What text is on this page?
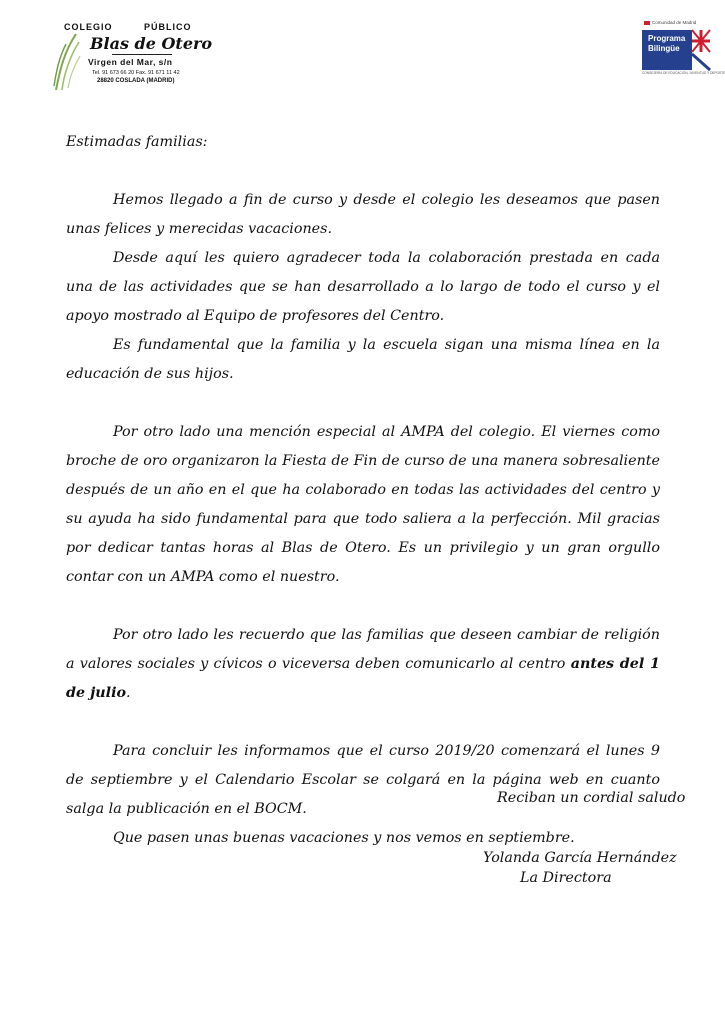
COLEGIO PÚBLICO
Blas de Otero
Virgen del Mar, s/n
Tel. 91 673 66 20 Fax. 91 671 11 42
28820 COSLADA (MADRID)
Comunidad de Madrid
Programa
Bilingüe
CONSEJERÍA DE EDUCACIÓN, JUVENTUD Y DEPORTE

Estimadas familias:

Hemos llegado a fin de curso y desde el colegio les deseamos que pasen unas felices y merecidas vacaciones.

Desde aquí les quiero agradecer toda la colaboración prestada en cada una de las actividades que se han desarrollado a lo largo de todo el curso y el apoyo mostrado al Equipo de profesores del Centro.

Es fundamental que la familia y la escuela sigan una misma línea en la educación de sus hijos.

Por otro lado una mención especial al AMPA del colegio. El viernes como broche de oro organizaron la Fiesta de Fin de curso de una manera sobresaliente después de un año en el que ha colaborado en todas las actividades del centro y su ayuda ha sido fundamental para que todo saliera a la perfección. Mil gracias por dedicar tantas horas al Blas de Otero. Es un privilegio y un gran orgullo contar con un AMPA como el nuestro.

Por otro lado les recuerdo que las familias que deseen cambiar de religión a valores sociales y cívicos o viceversa deben comunicarlo al centro antes del 1 de julio.

Para concluir les informamos que el curso 2019/20 comenzará el lunes 9 de septiembre y el Calendario Escolar se colgará en la página web en cuanto salga la publicación en el BOCM.

Que pasen unas buenas vacaciones y nos vemos en septiembre.

Reciban un cordial saludo
Yolanda García Hernández
La Directora
